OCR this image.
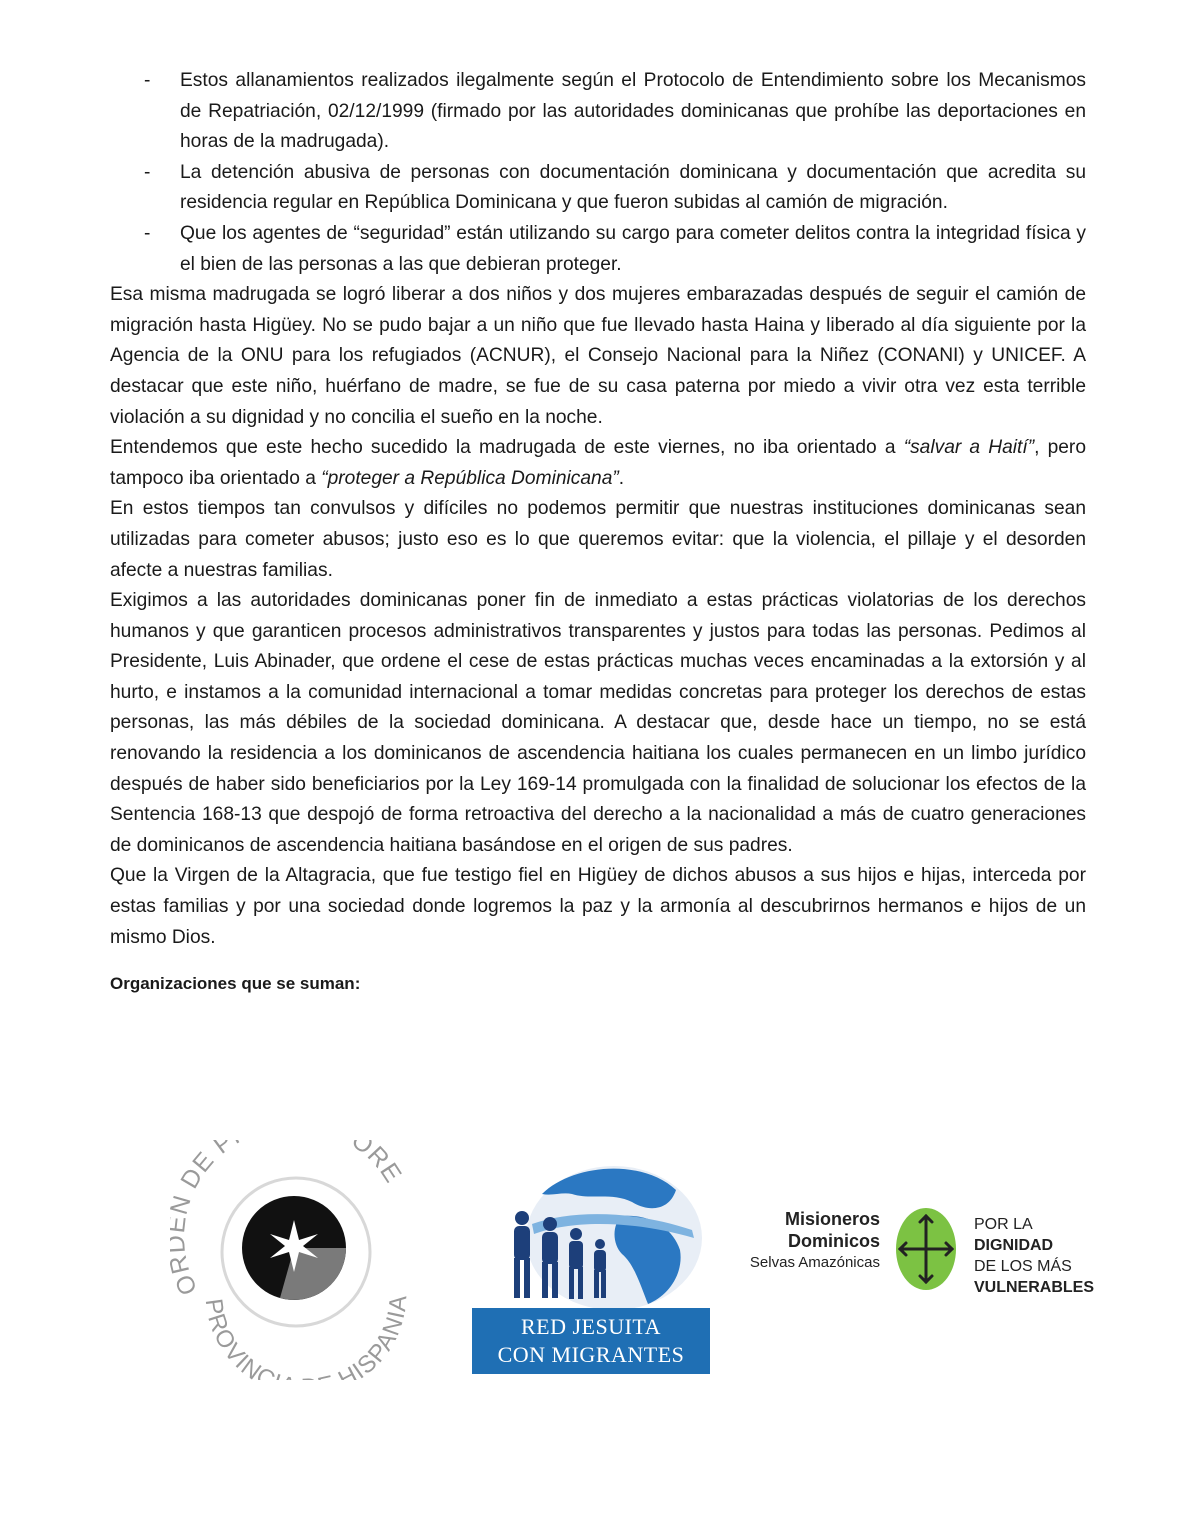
- Estos allanamientos realizados ilegalmente según el Protocolo de Entendimiento sobre los Mecanismos de Repatriación, 02/12/1999 (firmado por las autoridades dominicanas que prohíbe las deportaciones en horas de la madrugada).
- La detención abusiva de personas con documentación dominicana y documentación que acredita su residencia regular en República Dominicana y que fueron subidas al camión de migración.
- Que los agentes de “seguridad” están utilizando su cargo para cometer delitos contra la integridad física y el bien de las personas a las que debieran proteger.

Esa misma madrugada se logró liberar a dos niños y dos mujeres embarazadas después de seguir el camión de migración hasta Higüey. No se pudo bajar a un niño que fue llevado hasta Haina y liberado al día siguiente por la Agencia de la ONU para los refugiados (ACNUR), el Consejo Nacional para la Niñez (CONANI) y UNICEF. A destacar que este niño, huérfano de madre, se fue de su casa paterna por miedo a vivir otra vez esta terrible violación a su dignidad y no concilia el sueño en la noche.

Entendemos que este hecho sucedido la madrugada de este viernes, no iba orientado a “salvar a Haití”, pero tampoco iba orientado a “proteger a República Dominicana”.

En estos tiempos tan convulsos y difíciles no podemos permitir que nuestras instituciones dominicanas sean utilizadas para cometer abusos; justo eso es lo que queremos evitar: que la violencia, el pillaje y el desorden afecte a nuestras familias.

Exigimos a las autoridades dominicanas poner fin de inmediato a estas prácticas violatorias de los derechos humanos y que garanticen procesos administrativos transparentes y justos para todas las personas. Pedimos al Presidente, Luis Abinader, que ordene el cese de estas prácticas muchas veces encaminadas a la extorsión y al hurto, e instamos a la comunidad internacional a tomar medidas concretas para proteger los derechos de estas personas, las más débiles de la sociedad dominicana. A destacar que, desde hace un tiempo, no se está renovando la residencia a los dominicanos de ascendencia haitiana los cuales permanecen en un limbo jurídico después de haber sido beneficiarios por la Ley 169-14 promulgada con la finalidad de solucionar los efectos de la Sentencia 168-13 que despojó de forma retroactiva del derecho a la nacionalidad a más de cuatro generaciones de dominicanos de ascendencia haitiana basándose en el origen de sus padres.

Que la Virgen de la Altagracia, que fue testigo fiel en Higüey de dichos abusos a sus hijos e hijas, interceda por estas familias y por una sociedad donde logremos la paz y la armonía al descubrirnos hermanos e hijos de un mismo Dios.

Organizaciones que se suman:
O DE P ORE
PROVINC HISPANIA
RED JESUITA
CON MIGRANTES
Misioneros
Dominicos
Selvas Amazónicas
POR LA DIGNIDAD
DE LOS MÁS
VULNERABLES
